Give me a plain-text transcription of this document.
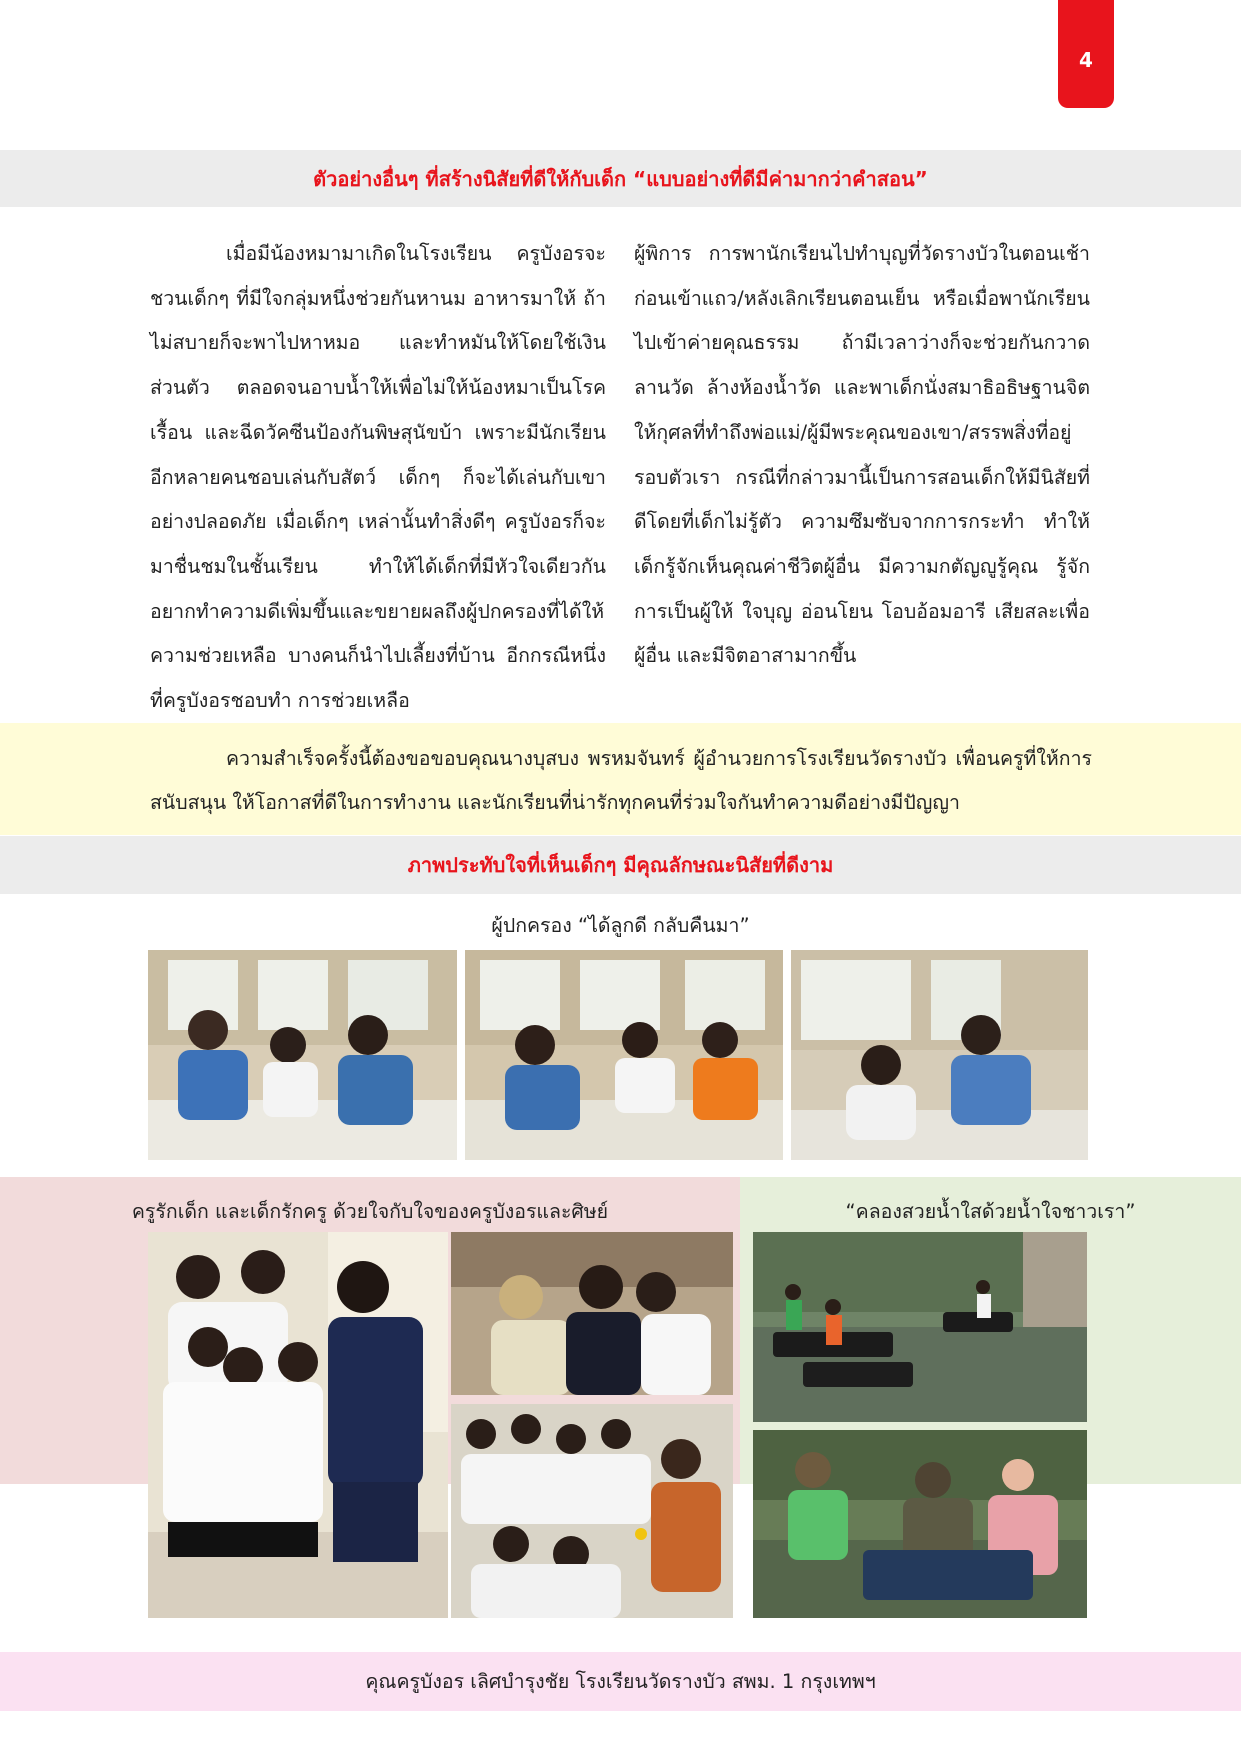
4
ตัวอย่างอื่นๆ ที่สร้างนิสัยที่ดีให้กับเด็ก “แบบอย่างที่ดีมีค่ามากว่าคำสอน”

เมื่อมีน้องหมามาเกิดในโรงเรียน ครูบังอรจะชวนเด็กๆ ที่มีใจกลุ่มหนึ่งช่วยกันหานม อาหารมาให้ ถ้าไม่สบายก็จะพาไปหาหมอ และทำหมันให้โดยใช้เงินส่วนตัว ตลอดจนอาบน้ำให้เพื่อไม่ให้น้องหมาเป็นโรคเรื้อน และฉีดวัคซีนป้องกันพิษสุนัขบ้า เพราะมีนักเรียนอีกหลายคนชอบเล่นกับสัตว์ เด็กๆ ก็จะได้เล่นกับเขาอย่างปลอดภัย เมื่อเด็กๆ เหล่านั้นทำสิ่งดีๆ ครูบังอรก็จะมาชื่นชมในชั้นเรียน ทำให้ได้เด็กที่มีหัวใจเดียวกันอยากทำความดีเพิ่มขึ้นและขยายผลถึงผู้ปกครองที่ได้ให้ความช่วยเหลือ บางคนก็นำไปเลี้ยงที่บ้าน อีกกรณีหนึ่งที่ครูบังอรชอบทำ การช่วยเหลือ

ผู้พิการ การพานักเรียนไปทำบุญที่วัดรางบัวในตอนเช้าก่อนเข้าแถว/หลังเลิกเรียนตอนเย็น หรือเมื่อพานักเรียนไปเข้าค่ายคุณธรรม ถ้ามีเวลาว่างก็จะช่วยกันกวาดลานวัด ล้างห้องน้ำวัด และพาเด็กนั่งสมาธิอธิษฐานจิตให้กุศลที่ทำถึงพ่อแม่/ผู้มีพระคุณของเขา/สรรพสิ่งที่อยู่รอบตัวเรา กรณีที่กล่าวมานี้เป็นการสอนเด็กให้มีนิสัยที่ดีโดยที่เด็กไม่รู้ตัว ความซึมซับจากการกระทำ ทำให้เด็กรู้จักเห็นคุณค่าชีวิตผู้อื่น มีความกตัญญูรู้คุณ รู้จักการเป็นผู้ให้ ใจบุญ อ่อนโยน โอบอ้อมอารี เสียสละเพื่อผู้อื่น และมีจิตอาสามากขึ้น

ความสำเร็จครั้งนี้ต้องขอขอบคุณนางบุสบง พรหมจันทร์ ผู้อำนวยการโรงเรียนวัดรางบัว เพื่อนครูที่ให้การสนับสนุน ให้โอกาสที่ดีในการทำงาน และนักเรียนที่น่ารักทุกคนที่ร่วมใจกันทำความดีอย่างมีปัญญา

ภาพประทับใจที่เห็นเด็กๆ มีคุณลักษณะนิสัยที่ดีงาม
ผู้ปกครอง “ได้ลูกดี กลับคืนมา”
ครูรักเด็ก และเด็กรักครู ด้วยใจกับใจของครูบังอรและศิษย์	“คลองสวยน้ำใสด้วยน้ำใจชาวเรา”
คุณครูบังอร เลิศบำรุงชัย โรงเรียนวัดรางบัว สพม. 1 กรุงเทพฯ
